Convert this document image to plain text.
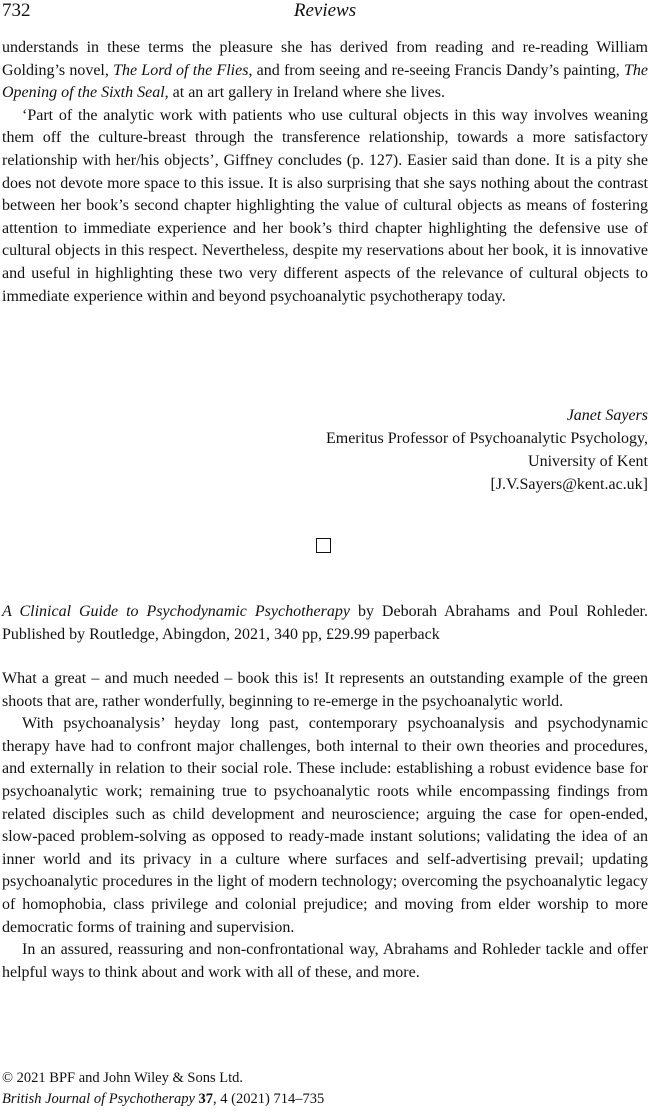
732	Reviews

understands in these terms the pleasure she has derived from reading and re-reading William Golding’s novel, The Lord of the Flies, and from seeing and re-seeing Francis Dandy’s painting, The Opening of the Sixth Seal, at an art gallery in Ireland where she lives.

‘Part of the analytic work with patients who use cultural objects in this way involves weaning them off the culture-breast through the transference relationship, towards a more satisfactory relationship with her/his objects’, Giffney concludes (p. 127). Easier said than done. It is a pity she does not devote more space to this issue. It is also surprising that she says nothing about the contrast between her book’s second chapter highlighting the value of cultural objects as means of fostering attention to immediate experience and her book’s third chapter highlighting the defensive use of cultural objects in this respect. Nevertheless, despite my reservations about her book, it is innovative and useful in highlighting these two very different aspects of the relevance of cultural objects to immediate experience within and beyond psychoanalytic psychotherapy today.

Janet Sayers
Emeritus Professor of Psychoanalytic Psychology,
University of Kent
[J.V.Sayers@kent.ac.uk]

A Clinical Guide to Psychodynamic Psychotherapy by Deborah Abrahams and Poul Rohleder. Published by Routledge, Abingdon, 2021, 340 pp, £29.99 paperback

What a great – and much needed – book this is! It represents an outstanding example of the green shoots that are, rather wonderfully, beginning to re-emerge in the psychoanalytic world.

With psychoanalysis’ heyday long past, contemporary psychoanalysis and psychodynamic therapy have had to confront major challenges, both internal to their own theories and procedures, and externally in relation to their social role. These include: establishing a robust evidence base for psychoanalytic work; remaining true to psychoanalytic roots while encompassing findings from related disciples such as child development and neuroscience; arguing the case for open-ended, slow-paced problem-solving as opposed to ready-made instant solutions; validating the idea of an inner world and its privacy in a culture where surfaces and self-advertising prevail; updating psychoanalytic procedures in the light of modern technology; overcoming the psychoanalytic legacy of homophobia, class privilege and colonial prejudice; and moving from elder worship to more democratic forms of training and supervision.

In an assured, reassuring and non-confrontational way, Abrahams and Rohleder tackle and offer helpful ways to think about and work with all of these, and more.

© 2021 BPF and John Wiley & Sons Ltd.
British Journal of Psychotherapy 37, 4 (2021) 714–735
